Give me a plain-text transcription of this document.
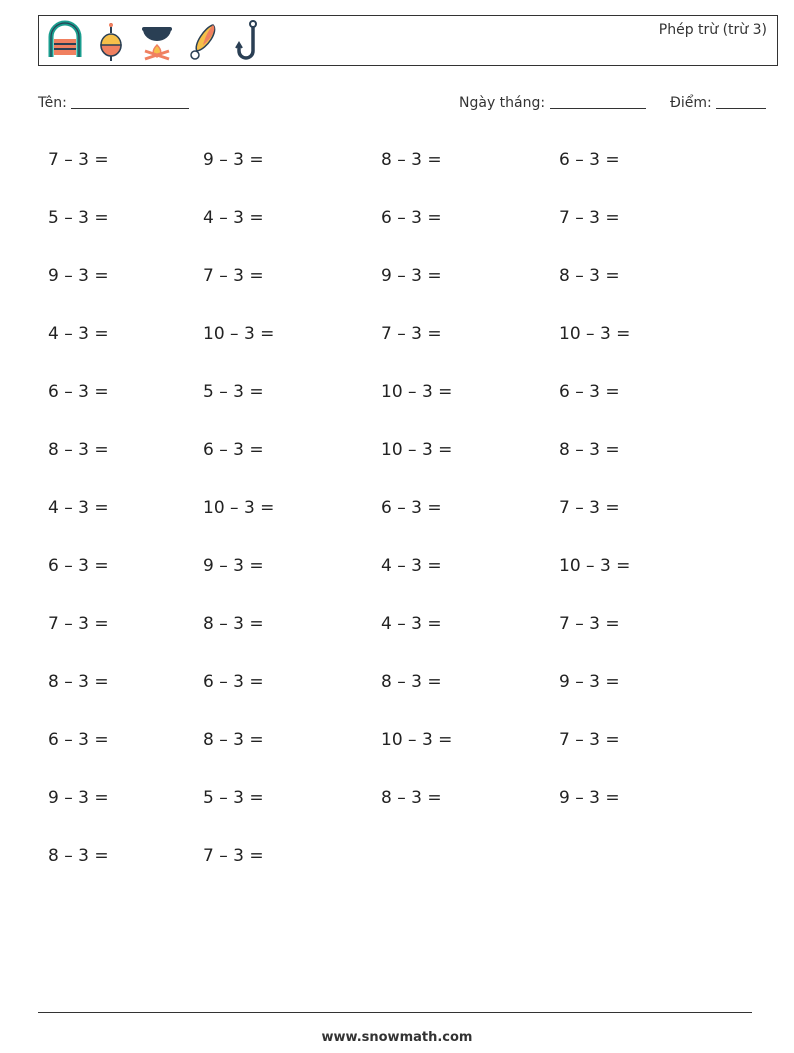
Phép trừ (trừ 3)
Tên:	Ngày tháng:	Điểm:
7 – 3 =	9 – 3 =	8 – 3 =	6 – 3 =
5 – 3 =	4 – 3 =	6 – 3 =	7 – 3 =
9 – 3 =	7 – 3 =	9 – 3 =	8 – 3 =
4 – 3 =	10 – 3 =	7 – 3 =	10 – 3 =
6 – 3 =	5 – 3 =	10 – 3 =	6 – 3 =
8 – 3 =	6 – 3 =	10 – 3 =	8 – 3 =
4 – 3 =	10 – 3 =	6 – 3 =	7 – 3 =
6 – 3 =	9 – 3 =	4 – 3 =	10 – 3 =
7 – 3 =	8 – 3 =	4 – 3 =	7 – 3 =
8 – 3 =	6 – 3 =	8 – 3 =	9 – 3 =
6 – 3 =	8 – 3 =	10 – 3 =	7 – 3 =
9 – 3 =	5 – 3 =	8 – 3 =	9 – 3 =
8 – 3 =	7 – 3 =
www.snowmath.com
